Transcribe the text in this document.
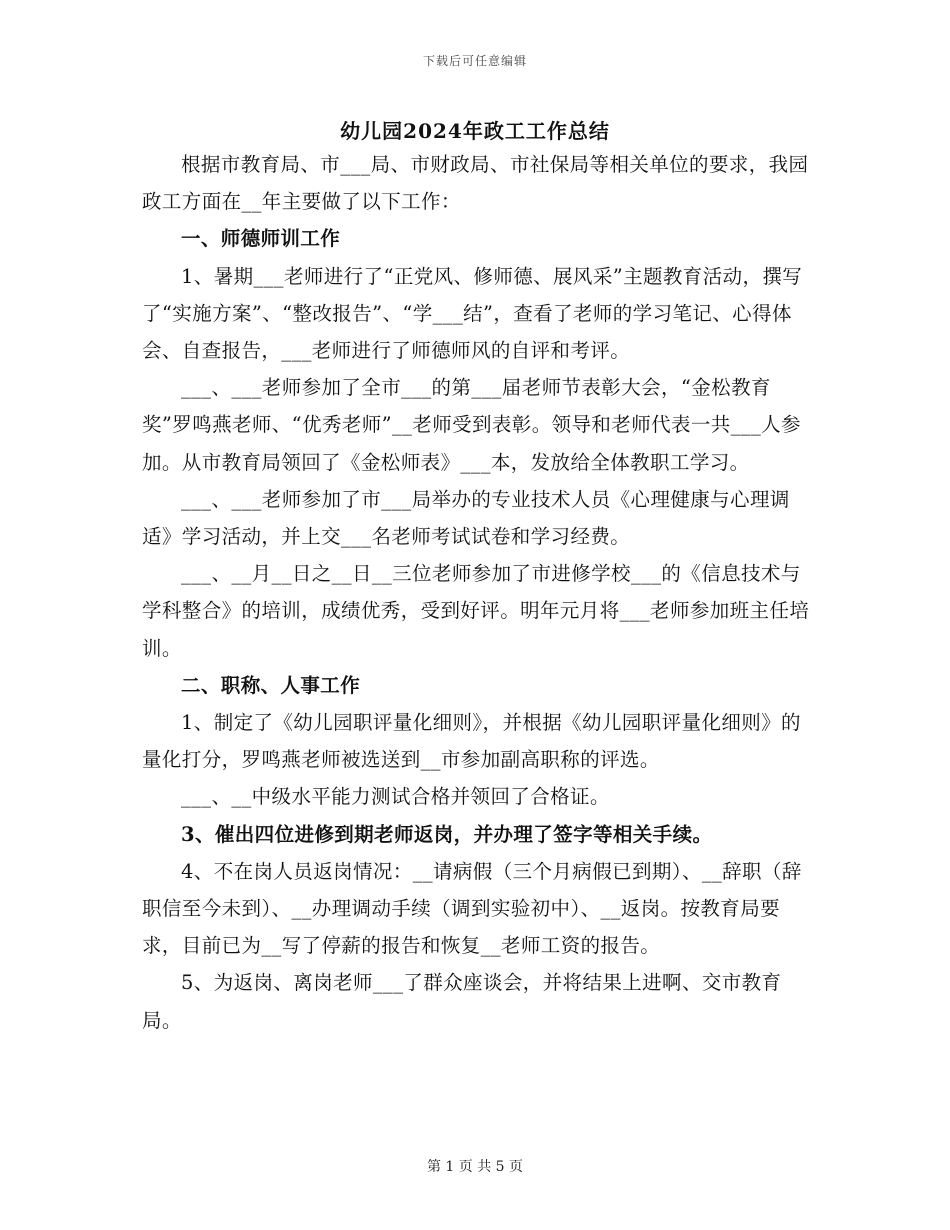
下载后可任意编辑
幼儿园2024年政工工作总结

根据市教育局、市___局、市财政局、市社保局等相关单位的要求，我园政工方面在__年主要做了以下工作：

一、师德师训工作

1、暑期___老师进行了“正党风、修师德、展风采”主题教育活动，撰写了“实施方案”、“整改报告”、“学___结”，查看了老师的学习笔记、心得体会、自查报告，___老师进行了师德师风的自评和考评。

___、___老师参加了全市___的第___届老师节表彰大会，“金松教育奖”罗鸣燕老师、“优秀老师”__老师受到表彰。领导和老师代表一共___人参加。从市教育局领回了《金松师表》___本，发放给全体教职工学习。

___、___老师参加了市___局举办的专业技术人员《心理健康与心理调适》学习活动，并上交___名老师考试试卷和学习经费。

___、__月__日之__日__三位老师参加了市进修学校___的《信息技术与学科整合》的培训，成绩优秀，受到好评。明年元月将___老师参加班主任培训。

二、职称、人事工作

1、制定了《幼儿园职评量化细则》，并根据《幼儿园职评量化细则》的量化打分，罗鸣燕老师被选送到__市参加副高职称的评选。

___、__中级水平能力测试合格并领回了合格证。

3、催出四位进修到期老师返岗，并办理了签字等相关手续。

4、不在岗人员返岗情况：__请病假（三个月病假已到期）、__辞职（辞职信至今未到）、__办理调动手续（调到实验初中）、__返岗。按教育局要求，目前已为__写了停薪的报告和恢复__老师工资的报告。

5、为返岗、离岗老师___了群众座谈会，并将结果上进啊、交市教育局。

第 1 页 共 5 页
